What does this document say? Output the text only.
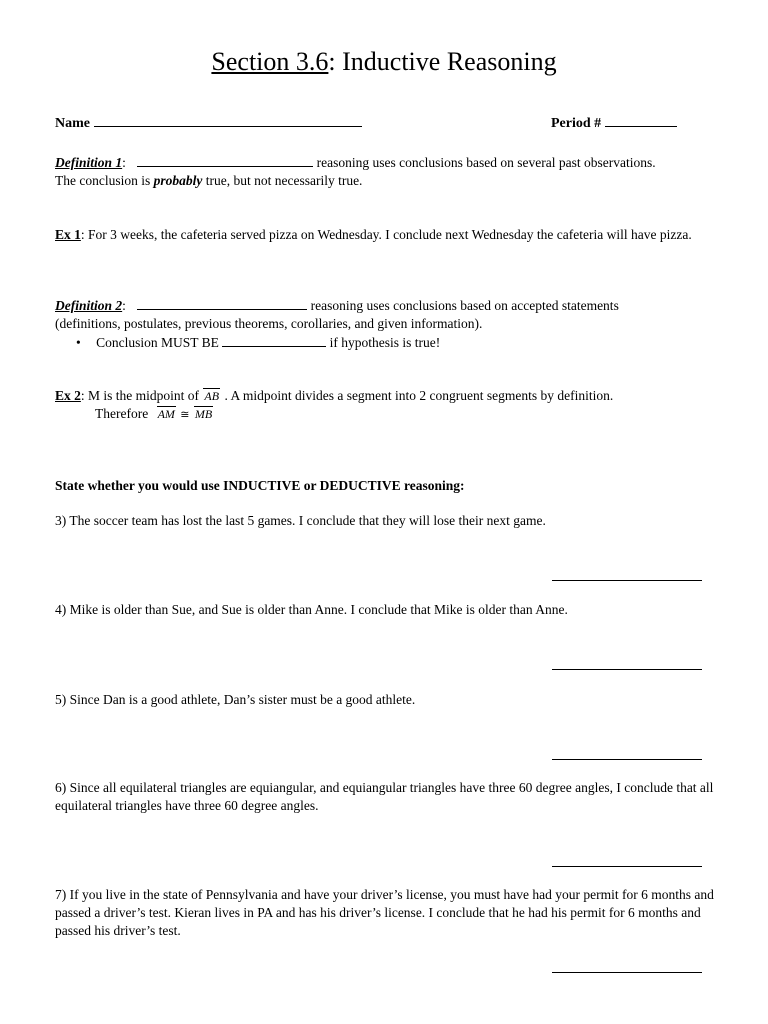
Section 3.6: Inductive Reasoning
Name	Period #
Definition 1:	reasoning uses conclusions based on several past observations.
The conclusion is probably true, but not necessarily true.
Ex 1: For 3 weeks, the cafeteria served pizza on Wednesday. I conclude next Wednesday the cafeteria will have pizza.
Definition 2:	reasoning uses conclusions based on accepted statements
(definitions, postulates, previous theorems, corollaries, and given information).
• Conclusion MUST BE	if hypothesis is true!
Ex 2: M is the midpoint of AB . A midpoint divides a segment into 2 congruent segments by definition.
Therefore AM ≅ MB
State whether you would use INDUCTIVE or DEDUCTIVE reasoning:
3) The soccer team has lost the last 5 games. I conclude that they will lose their next game.
4) Mike is older than Sue, and Sue is older than Anne. I conclude that Mike is older than Anne.
5) Since Dan is a good athlete, Dan’s sister must be a good athlete.
6) Since all equilateral triangles are equiangular, and equiangular triangles have three 60 degree angles, I conclude that all equilateral triangles have three 60 degree angles.
7) If you live in the state of Pennsylvania and have your driver’s license, you must have had your permit for 6 months and passed a driver’s test. Kieran lives in PA and has his driver’s license. I conclude that he had his permit for 6 months and passed his driver’s test.
